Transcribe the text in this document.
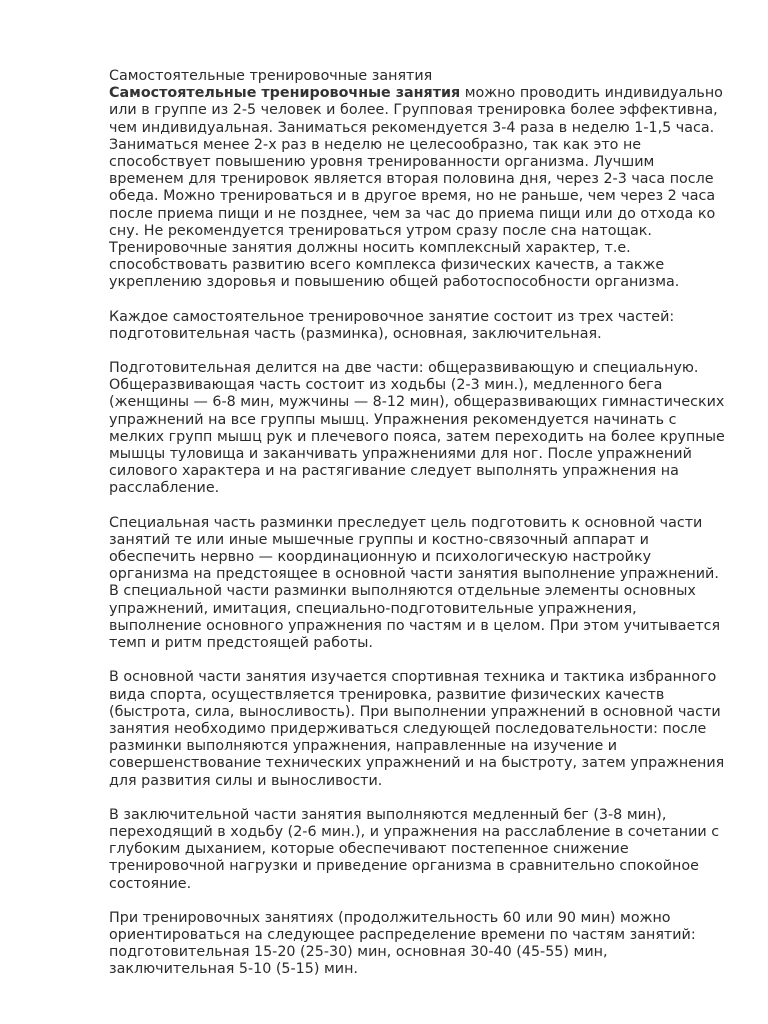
Самостоятельные тренировочные занятия

Самостоятельные тренировочные занятия можно проводить индивидуально или в группе из 2-5 человек и более. Групповая тренировка более эффективна, чем индивидуальная. Заниматься рекомендуется 3-4 раза в неделю 1-1,5 часа. Заниматься менее 2-х раз в неделю не целесообразно, так как это не способствует повышению уровня тренированности организма. Лучшим временем для тренировок является вторая половина дня, через 2-3 часа после обеда. Можно тренироваться и в другое время, но не раньше, чем через 2 часа после приема пищи и не позднее, чем за час до приема пищи или до отхода ко сну. Не рекомендуется тренироваться утром сразу после сна натощак. Тренировочные занятия должны носить комплексный характер, т.е. способствовать развитию всего комплекса физических качеств, а также укреплению здоровья и повышению общей работоспособности организма.

Каждое самостоятельное тренировочное занятие состоит из трех частей: подготовительная часть (разминка), основная, заключительная.

Подготовительная делится на две части: общеразвивающую и специальную. Общеразвивающая часть состоит из ходьбы (2-3 мин.), медленного бега (женщины — 6-8 мин, мужчины — 8-12 мин), общеразвивающих гимнастических упражнений на все группы мышц. Упражнения рекомендуется начинать с мелких групп мышц рук и плечевого пояса, затем переходить на более крупные мышцы туловища и заканчивать упражнениями для ног. После упражнений силового характера и на растягивание следует выполнять упражнения на расслабление.

Специальная часть разминки преследует цель подготовить к основной части занятий те или иные мышечные группы и костно-связочный аппарат и обеспечить нервно — координационную и психологическую настройку организма на предстоящее в основной части занятия выполнение упражнений. В специальной части разминки выполняются отдельные элементы основных упражнений, имитация, специально-подготовительные упражнения, выполнение основного упражнения по частям и в целом. При этом учитывается темп и ритм предстоящей работы.

В основной части занятия изучается спортивная техника и тактика избранного вида спорта, осуществляется тренировка, развитие физических качеств (быстрота, сила, выносливость). При выполнении упражнений в основной части занятия необходимо придерживаться следующей последовательности: после разминки выполняются упражнения, направленные на изучение и совершенствование технических упражнений и на быстроту, затем упражнения для развития силы и выносливости.

В заключительной части занятия выполняются медленный бег (3-8 мин), переходящий в ходьбу (2-6 мин.), и упражнения на расслабление в сочетании с глубоким дыханием, которые обеспечивают постепенное снижение тренировочной нагрузки и приведение организма в сравнительно спокойное состояние.

При тренировочных занятиях (продолжительность 60 или 90 мин) можно ориентироваться на следующее распределение времени по частям занятий: подготовительная 15-20 (25-30) мин, основная 30-40 (45-55) мин, заключительная 5-10 (5-15) мин.
